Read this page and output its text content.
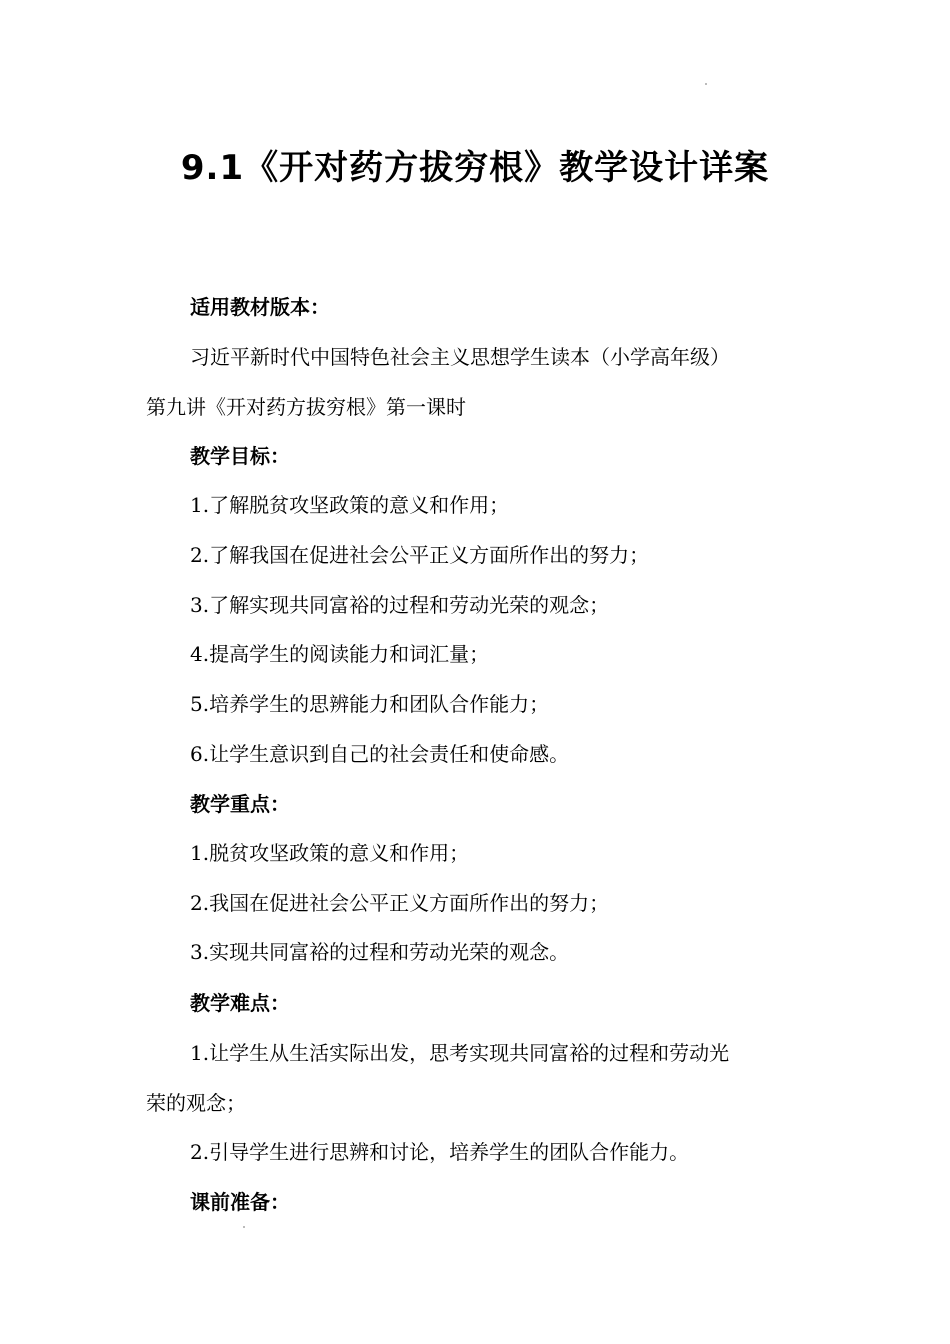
9.1《开对药方拔穷根》教学设计详案
适用教材版本：
习近平新时代中国特色社会主义思想学生读本（小学高年级）
第九讲《开对药方拔穷根》第一课时
教学目标：
1.了解脱贫攻坚政策的意义和作用；
2.了解我国在促进社会公平正义方面所作出的努力；
3.了解实现共同富裕的过程和劳动光荣的观念；
4.提高学生的阅读能力和词汇量；
5.培养学生的思辨能力和团队合作能力；
6.让学生意识到自己的社会责任和使命感。
教学重点：
1.脱贫攻坚政策的意义和作用；
2.我国在促进社会公平正义方面所作出的努力；
3.实现共同富裕的过程和劳动光荣的观念。
教学难点：
1.让学生从生活实际出发，思考实现共同富裕的过程和劳动光
荣的观念；
2.引导学生进行思辨和讨论，培养学生的团队合作能力。
课前准备：
